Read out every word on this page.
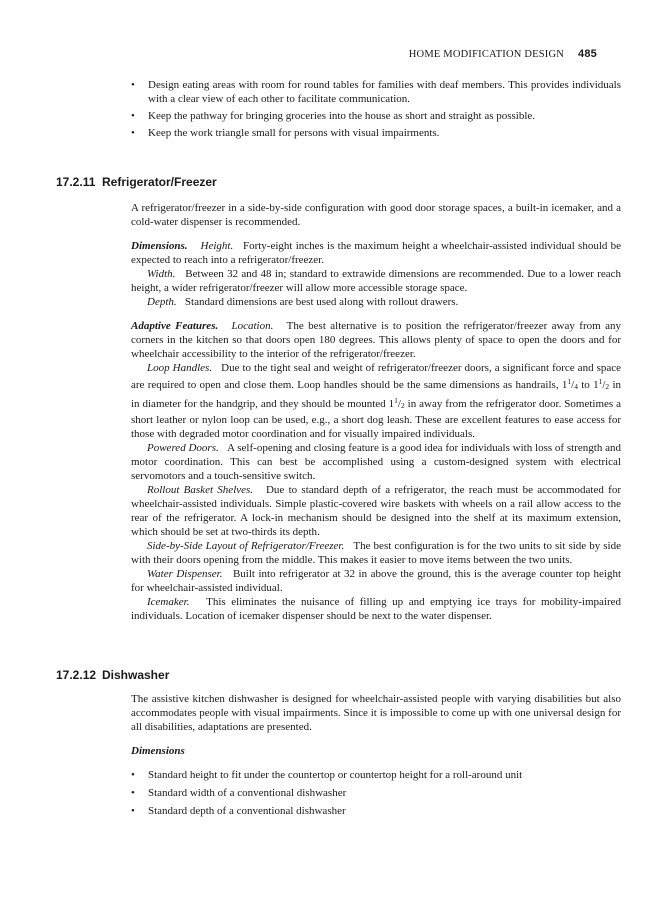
HOME MODIFICATION DESIGN 485
• Design eating areas with room for round tables for families with deaf members. This provides individuals with a clear view of each other to facilitate communication.
• Keep the pathway for bringing groceries into the house as short and straight as possible.
• Keep the work triangle small for persons with visual impairments.
17.2.11 Refrigerator/Freezer

A refrigerator/freezer in a side-by-side configuration with good door storage spaces, a built-in icemaker, and a cold-water dispenser is recommended.

Dimensions. Height. Forty-eight inches is the maximum height a wheelchair-assisted individual should be expected to reach into a refrigerator/freezer.

Width. Between 32 and 48 in; standard to extrawide dimensions are recommended. Due to a lower reach height, a wider refrigerator/freezer will allow more accessible storage space.

Depth. Standard dimensions are best used along with rollout drawers.

Adaptive Features. Location. The best alternative is to position the refrigerator/freezer away from any corners in the kitchen so that doors open 180 degrees. This allows plenty of space to open the doors and for wheelchair accessibility to the interior of the refrigerator/freezer.

Loop Handles. Due to the tight seal and weight of refrigerator/freezer doors, a significant force and space are required to open and close them. Loop handles should be the same dimensions as handrails, $1^1/_4$ to $1^1/_2$ in in diameter for the handgrip, and they should be mounted $1^1/_2$ in away from the refrigerator door. Sometimes a short leather or nylon loop can be used, e.g., a short dog leash. These are excellent features to ease access for those with degraded motor coordination and for visually impaired individuals.

Powered Doors. A self-opening and closing feature is a good idea for individuals with loss of strength and motor coordination. This can best be accomplished using a custom-designed system with electrical servomotors and a touch-sensitive switch.

Rollout Basket Shelves. Due to standard depth of a refrigerator, the reach must be accommodated for wheelchair-assisted individuals. Simple plastic-covered wire baskets with wheels on a rail allow access to the rear of the refrigerator. A lock-in mechanism should be designed into the shelf at its maximum extension, which should be set at two-thirds its depth.

Side-by-Side Layout of Refrigerator/Freezer. The best configuration is for the two units to sit side by side with their doors opening from the middle. This makes it easier to move items between the two units.

Water Dispenser. Built into refrigerator at 32 in above the ground, this is the average counter top height for wheelchair-assisted individual.

Icemaker. This eliminates the nuisance of filling up and emptying ice trays for mobility-impaired individuals. Location of icemaker dispenser should be next to the water dispenser.

17.2.12 Dishwasher

The assistive kitchen dishwasher is designed for wheelchair-assisted people with varying disabilities but also accommodates people with visual impairments. Since it is impossible to come up with one universal design for all disabilities, adaptations are presented.

Dimensions

• Standard height to fit under the countertop or countertop height for a roll-around unit
• Standard width of a conventional dishwasher
• Standard depth of a conventional dishwasher
